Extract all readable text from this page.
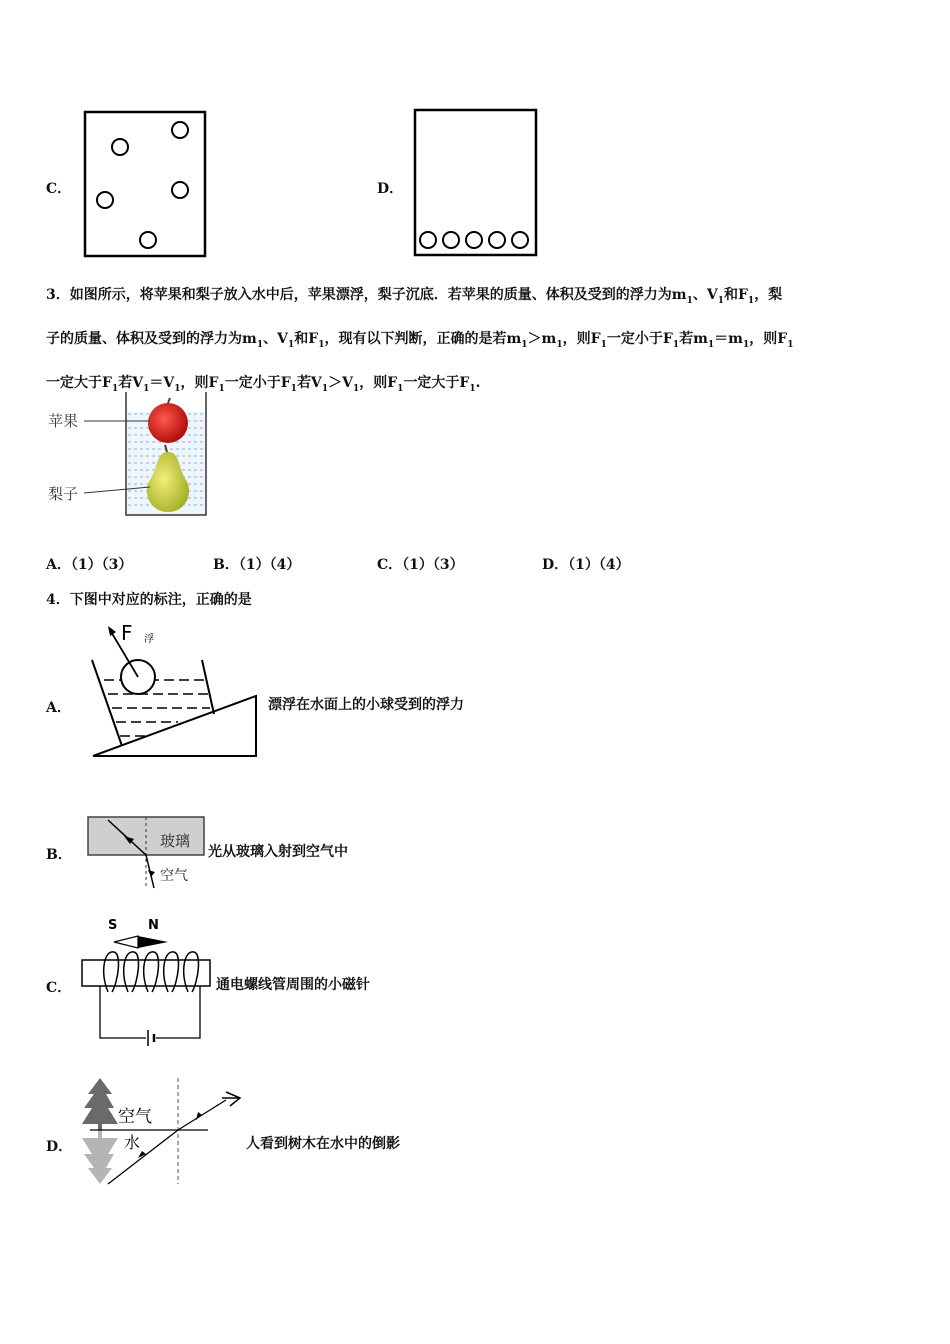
C．	D．
3．如图所示，将苹果和梨子放入水中后，苹果漂浮，梨子沉底．若苹果的质量、体积及受到的浮力为$m_1$、$V_1$和$F_1$，梨
子的质量、体积及受到的浮力为$m_1$、$V_1$和$F_1$，现有以下判断，正确的是若$m_1>m_1$，则$F_1$一定小于$F_1$若$m_1=m_1$，则$F_1$
一定大于$F_1$若$V_1=V_1$，则$F_1$一定小于$F_1$若$V_1>V_1$，则$F_1$一定大于$F_1$.
苹果
梨子
A．（1）（3）	B．（1）（4）	C．（1）（3）	D．（1）（4）
4．下图中对应的标注，正确的是
A．
F 浮
漂浮在水面上的小球受到的浮力
B．
玻璃
空气
光从玻璃入射到空气中
C．
S N
通电螺线管周围的小磁针
D．
空气
水	人看到树木在水中的倒影
